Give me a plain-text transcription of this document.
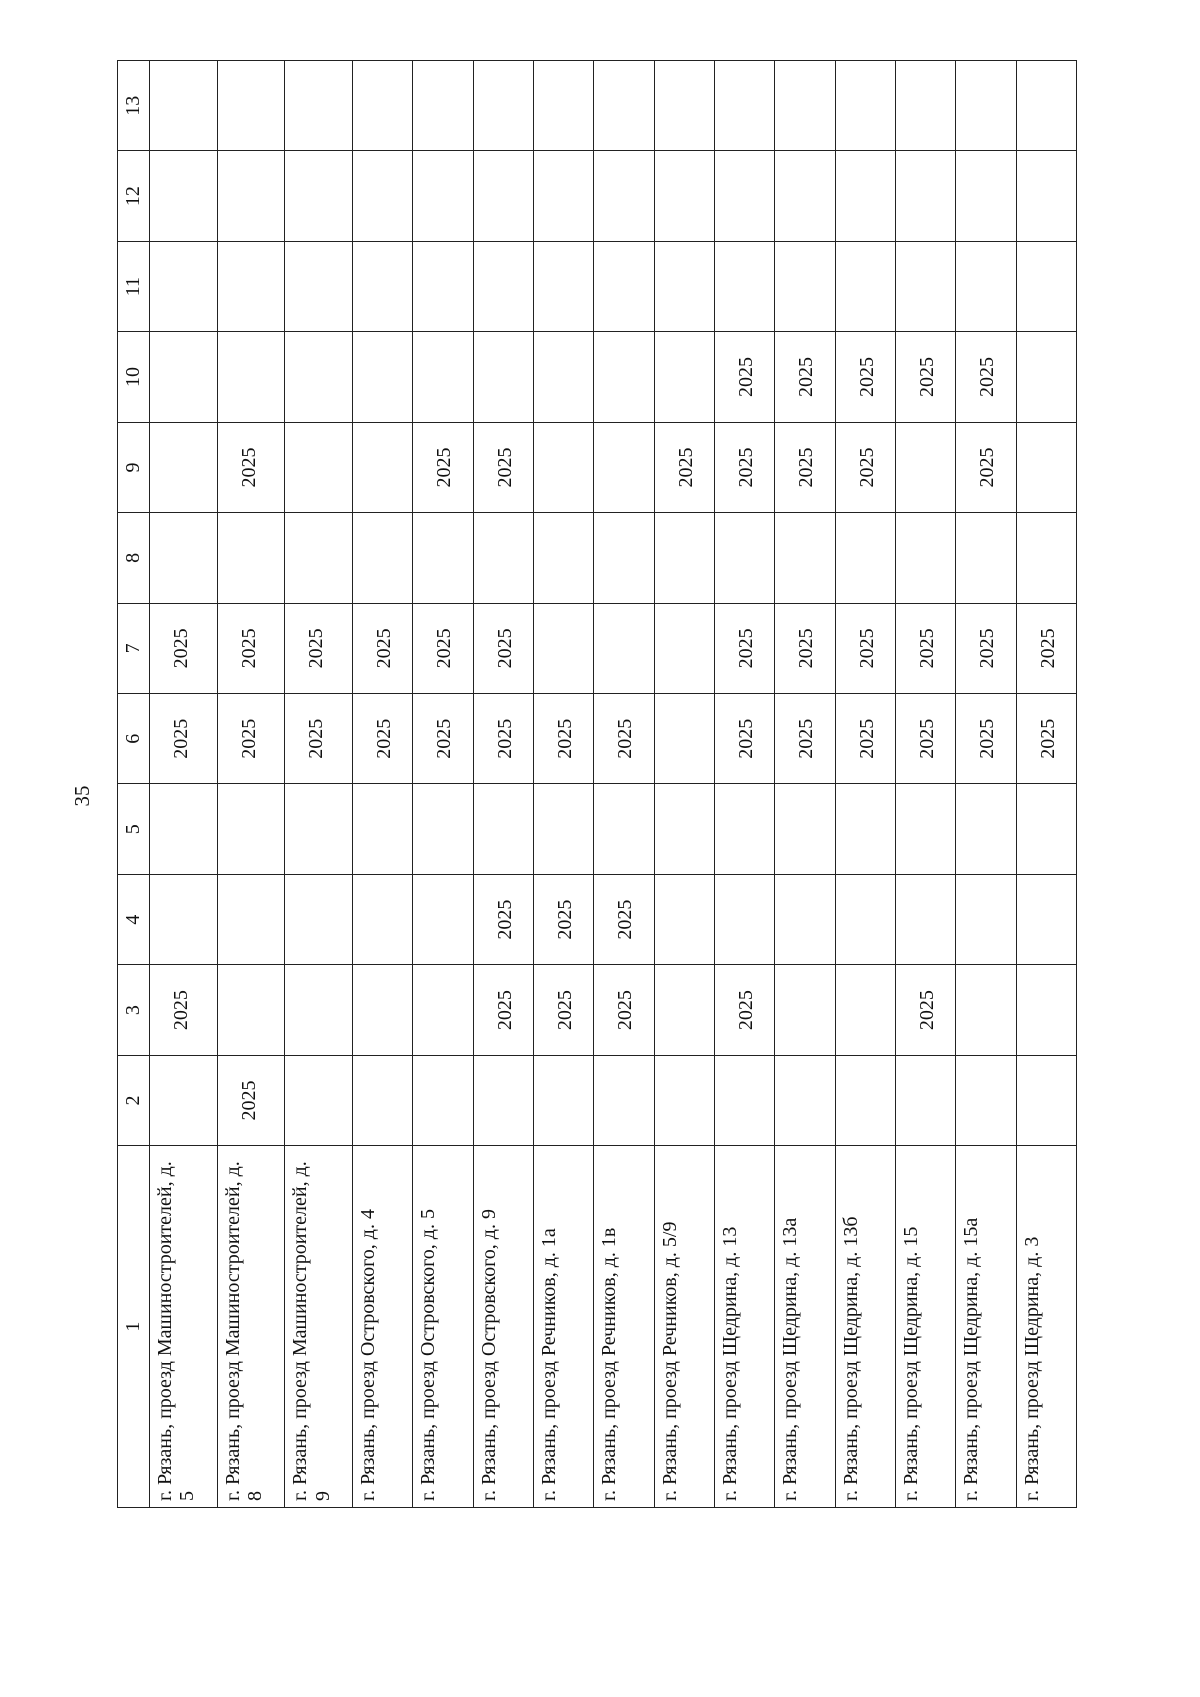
35
1	2	3	4	5	6	7	8	9	10	11	12	13
г. Рязань, проезд Машиностроителей, д. 5		2025			2025	2025						
г. Рязань, проезд Машиностроителей, д. 8	2025				2025	2025		2025				
г. Рязань, проезд Машиностроителей, д. 9					2025	2025						
г. Рязань, проезд Островского, д. 4					2025	2025						
г. Рязань, проезд Островского, д. 5					2025	2025		2025				
г. Рязань, проезд Островского, д. 9		2025	2025		2025	2025		2025				
г. Рязань, проезд Речников, д. 1а		2025	2025		2025							
г. Рязань, проезд Речников, д. 1в		2025	2025		2025							
г. Рязань, проезд Речников, д. 5/9								2025				
г. Рязань, проезд Щедрина, д. 13		2025			2025	2025		2025	2025			
г. Рязань, проезд Щедрина, д. 13а					2025	2025		2025	2025			
г. Рязань, проезд Щедрина, д. 13б					2025	2025		2025	2025			
г. Рязань, проезд Щедрина, д. 15		2025			2025	2025			2025			
г. Рязань, проезд Щедрина, д. 15а					2025	2025		2025	2025			
г. Рязань, проезд Щедрина, д. 3					2025	2025						
